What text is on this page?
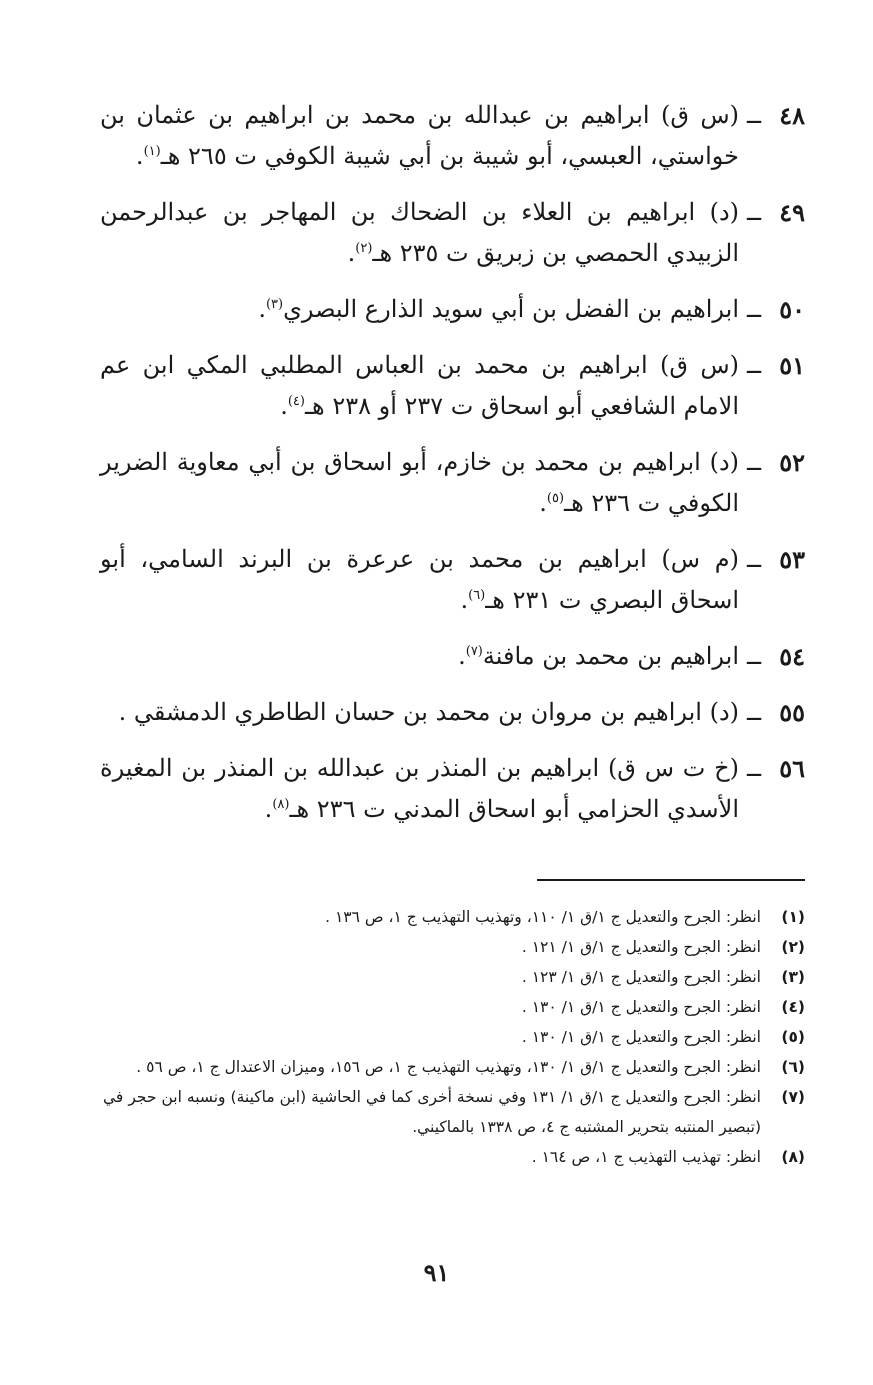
٤٨
ــ
(س ق) ابراهيم بن عبدالله بن محمد بن ابراهيم بن عثمان بن خواستي، العبسي، أبو شيبة بن أبي شيبة الكوفي ت ٢٦٥ هـ$^{(١)}$.
٤٩
ــ
(د) ابراهيم بن العلاء بن الضحاك بن المهاجر بن عبدالرحمن الزبيدي الحمصي بن زبريق ت ٢٣٥ هـ$^{(٢)}$.
٥٠
ــ
ابراهيم بن الفضل بن أبي سويد الذارع البصري$^{(٣)}$.
٥١
ــ
(س ق) ابراهيم بن محمد بن العباس المطلبي المكي ابن عم الامام الشافعي أبو اسحاق ت ٢٣٧ أو ٢٣٨ هـ$^{(٤)}$.
٥٢
ــ
(د) ابراهيم بن محمد بن خازم، أبو اسحاق بن أبي معاوية الضرير الكوفي ت ٢٣٦ هـ$^{(٥)}$.
٥٣
ــ
(م س) ابراهيم بن محمد بن عرعرة بن البرند السامي، أبو اسحاق البصري ت ٢٣١ هـ$^{(٦)}$.
٥٤
ــ
ابراهيم بن محمد بن مافنة$^{(٧)}$.
٥٥
ــ
(د) ابراهيم بن مروان بن محمد بن حسان الطاطري الدمشقي .
٥٦
ــ
(خ ت س ق) ابراهيم بن المنذر بن عبدالله بن المنذر بن المغيرة الأسدي الحزامي أبو اسحاق المدني ت ٢٣٦ هـ$^{(٨)}$.
(١)
انظر: الجرح والتعديل ج ١/ق ١/ ١١٠، وتهذيب التهذيب ج ١، ص ١٣٦ .
(٢)
انظر: الجرح والتعديل ج ١/ق ١/ ١٢١ .
(٣)
انظر: الجرح والتعديل ج ١/ق ١/ ١٢٣ .
(٤)
انظر: الجرح والتعديل ج ١/ق ١/ ١٣٠ .
(٥)
انظر: الجرح والتعديل ج ١/ق ١/ ١٣٠ .
(٦)
انظر: الجرح والتعديل ج ١/ق ١/ ١٣٠، وتهذيب التهذيب ج ١، ص ١٥٦، وميزان الاعتدال ج ١، ص ٥٦ .
(٧)
انظر: الجرح والتعديل ج ١/ق ١/ ١٣١ وفي نسخة أخرى كما في الحاشية (ابن ماكينة) ونسبه ابن حجر في (تبصير المنتبه بتحرير المشتبه ج ٤، ص ١٣٣٨ بالماكيني.
(٨)
انظر: تهذيب التهذيب ج ١، ص ١٦٤ .
٩١
